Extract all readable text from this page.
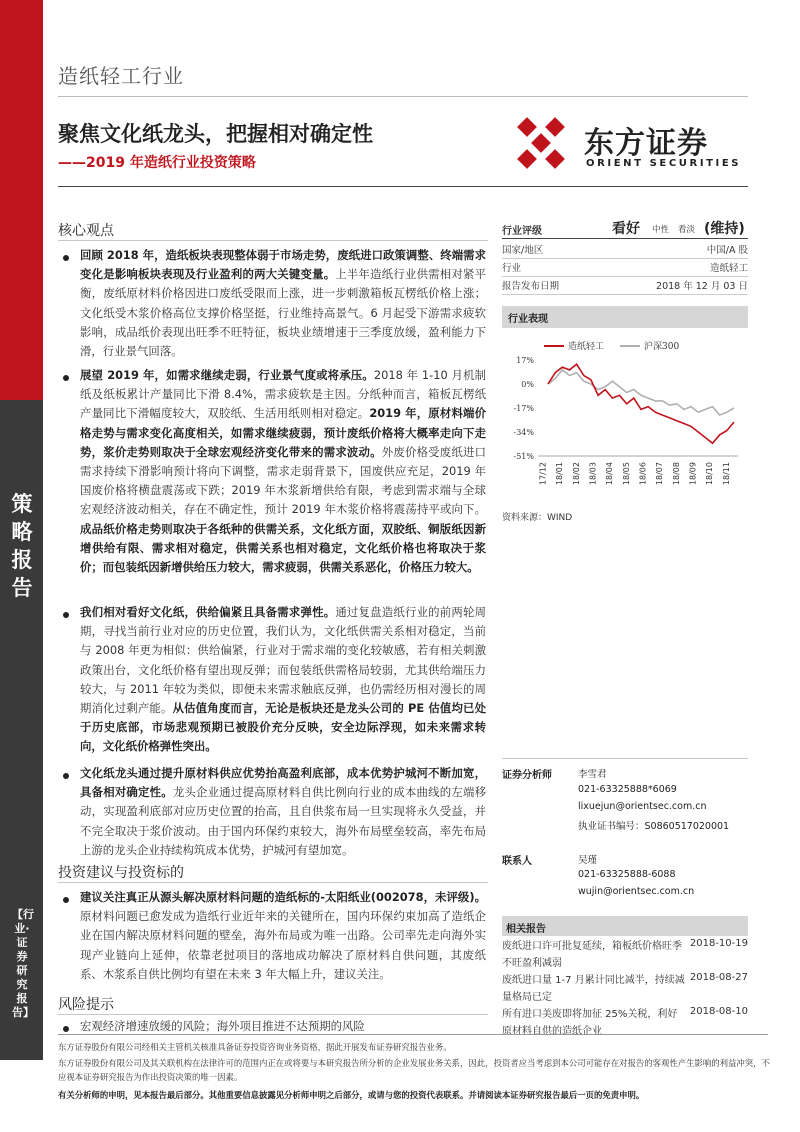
策略报告
【行业·证券研究报告】
造纸轻工行业
聚焦文化纸龙头，把握相对确定性
——2019 年造纸行业投资策略
东方证券
ORIENT SECURITIES
核心观点
回顾 2018 年，造纸板块表现整体弱于市场走势，废纸进口政策调整、终端需求变化是影响板块表现及行业盈利的两大关键变量。上半年造纸行业供需相对紧平衡，废纸原材料价格因进口废纸受限而上涨，进一步刺激箱板瓦楞纸价格上涨；文化纸受木浆价格高位支撑价格坚挺，行业维持高景气。6 月起受下游需求疲软影响，成品纸价表现出旺季不旺特征，板块业绩增速于三季度放缓，盈利能力下滑，行业景气回落。
展望 2019 年，如需求继续走弱，行业景气度或将承压。2018 年 1-10 月机制纸及纸板累计产量同比下滑 8.4%，需求疲软是主因。分纸种而言，箱板瓦楞纸产量同比下滑幅度较大，双胶纸、生活用纸则相对稳定。2019 年，原材料端价格走势与需求变化高度相关，如需求继续疲弱，预计废纸价格将大概率走向下走势，浆价走势则取决于全球宏观经济变化带来的需求波动。外废价格受废纸进口需求持续下滑影响预计将向下调整，需求走弱背景下，国废供应充足，2019 年国废价格将横盘震荡或下跌；2019 年木浆新增供给有限，考虑到需求端与全球宏观经济波动相关，存在不确定性，预计 2019 年木浆价格将震荡持平或向下。成品纸价格走势则取决于各纸种的供需关系，文化纸方面，双胶纸、铜版纸因新增供给有限、需求相对稳定，供需关系也相对稳定，文化纸价格也将取决于浆价；而包装纸因新增供给压力较大，需求疲弱，供需关系恶化，价格压力较大。
我们相对看好文化纸，供给偏紧且具备需求弹性。通过复盘造纸行业的前两轮周期，寻找当前行业对应的历史位置，我们认为，文化纸供需关系相对稳定，当前与 2008 年更为相似：供给偏紧，行业对于需求端的变化较敏感，若有相关刺激政策出台，文化纸价格有望出现反弹；而包装纸供需格局较弱，尤其供给端压力较大，与 2011 年较为类似，即便未来需求触底反弹，也仍需经历相对漫长的周期消化过剩产能。从估值角度而言，无论是板块还是龙头公司的 PE 估值均已处于历史底部，市场悲观预期已被股价充分反映，安全边际浮现，如未来需求转向，文化纸价格弹性突出。
文化纸龙头通过提升原材料供应优势抬高盈利底部，成本优势护城河不断加宽，具备相对确定性。龙头企业通过提高原材料自供比例向行业的成本曲线的左端移动，实现盈利底部对应历史位置的抬高，且自供浆布局一旦实现将永久受益，并不完全取决于浆价波动。由于国内环保约束较大，海外布局壁垒较高，率先布局上游的龙头企业持续构筑成本优势，护城河有望加宽。
投资建议与投资标的
建议关注真正从源头解决原材料问题的造纸标的-太阳纸业(002078，未评级)。原材料问题已愈发成为造纸行业近年来的关键所在，国内环保约束加高了造纸企业在国内解决原材料问题的壁垒，海外布局或为唯一出路。公司率先走向海外实现产业链向上延伸，依靠老挝项目的落地成功解决了原材料自供问题，其废纸系、木浆系自供比例均有望在未来 3 年大幅上升，建议关注。
风险提示
宏观经济增速放缓的风险；海外项目推进不达预期的风险
行业评级	看好 中性 看淡 (维持)
国家/地区	中国/A 股
行业	造纸轻工
报告发布日期	2018 年 12 月 03 日
行业表现
造纸轻工	沪深300
17%
0%
-17%
-34%
-51%
17/12 18/01 18/02 18/03 18/04 18/05 18/06 18/07 18/08 18/09 18/10 18/11
资料来源：WIND
证券分析师	李雪君
021-63325888*6069
lixuejun@orientsec.com.cn
执业证书编号：S0860517020001
联系人	吴瑾
021-63325888-6088
wujin@orientsec.com.cn
相关报告
废纸进口许可批复延续，箱板纸价格旺季不旺盈利减弱
2018-10-19
废纸进口量 1-7 月累计同比减半，持续减量格局已定
2018-08-27
所有进口美废即将加征 25%关税，利好原材料自供的造纸企业
2018-08-10
东方证券股份有限公司经相关主管机关核准具备证券投资咨询业务资格，据此开展发布证券研究报告业务。
东方证券股份有限公司及其关联机构在法律许可的范围内正在或将要与本研究报告所分析的企业发展业务关系，因此，投资者应当考虑到本公司可能存在对报告的客观性产生影响的利益冲突，不应视本证券研究报告为作出投资决策的唯一因素。
有关分析师的申明，见本报告最后部分。其他重要信息披露见分析师申明之后部分，或请与您的投资代表联系。并请阅读本证券研究报告最后一页的免责申明。
